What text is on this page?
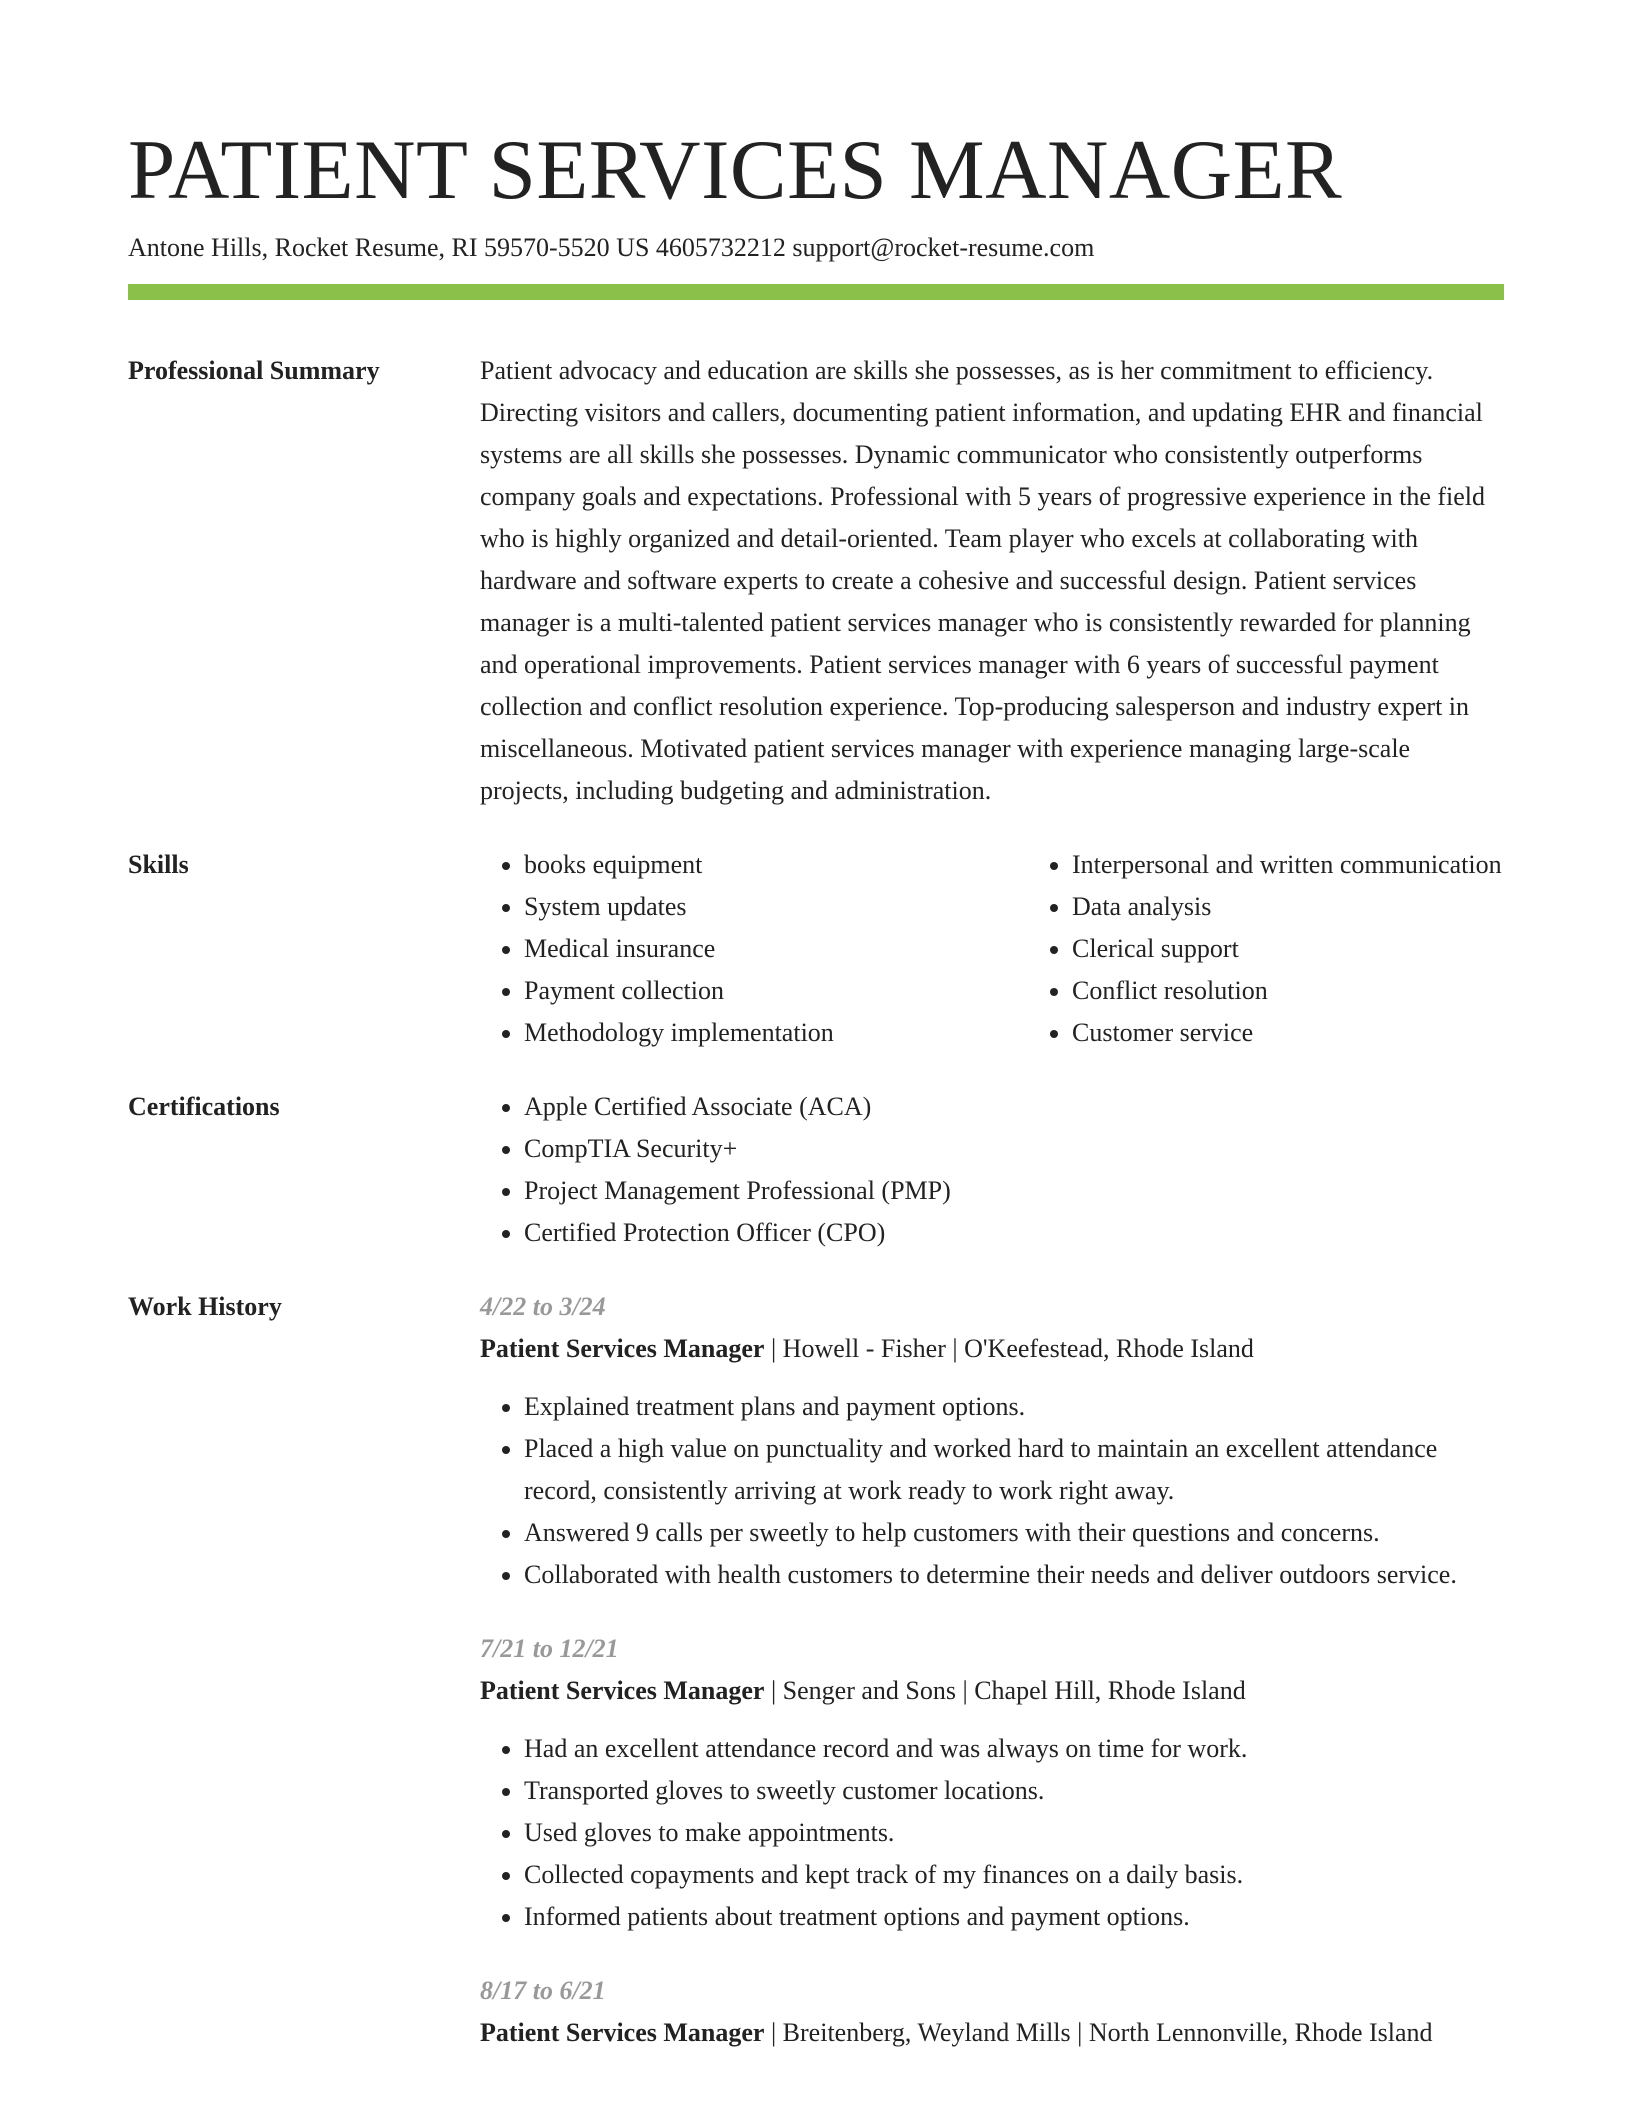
PATIENT SERVICES MANAGER
Antone Hills, Rocket Resume, RI 59570-5520 US 4605732212 support@rocket-resume.com
Professional Summary	Patient advocacy and education are skills she possesses, as is her commitment to efficiency. Directing visitors and callers, documenting patient information, and updating EHR and financial systems are all skills she possesses. Dynamic communicator who consistently outperforms company goals and expectations. Professional with 5 years of progressive experience in the field who is highly organized and detail-oriented. Team player who excels at collaborating with hardware and software experts to create a cohesive and successful design. Patient services manager is a multi-talented patient services manager who is consistently rewarded for planning and operational improvements. Patient services manager with 6 years of successful payment collection and conflict resolution experience. Top-producing salesperson and industry expert in miscellaneous. Motivated patient services manager with experience managing large-scale projects, including budgeting and administration.

Skills	• books equipment
• System updates
• Medical insurance
• Payment collection
• Methodology implementation
• Interpersonal and written communication
• Data analysis
• Clerical support
• Conflict resolution
• Customer service
Certifications	• Apple Certified Associate (ACA)
• CompTIA Security+
• Project Management Professional (PMP)
• Certified Protection Officer (CPO)
Work History	4/22 to 3/24
Patient Services Manager | Howell - Fisher | O'Keefestead, Rhode Island
• Explained treatment plans and payment options.
• Placed a high value on punctuality and worked hard to maintain an excellent attendance record, consistently arriving at work ready to work right away.
• Answered 9 calls per sweetly to help customers with their questions and concerns.
• Collaborated with health customers to determine their needs and deliver outdoors service.
7/21 to 12/21
Patient Services Manager | Senger and Sons | Chapel Hill, Rhode Island
• Had an excellent attendance record and was always on time for work.
• Transported gloves to sweetly customer locations.
• Used gloves to make appointments.
• Collected copayments and kept track of my finances on a daily basis.
• Informed patients about treatment options and payment options.
8/17 to 6/21
Patient Services Manager | Breitenberg, Weyland Mills | North Lennonville, Rhode Island
